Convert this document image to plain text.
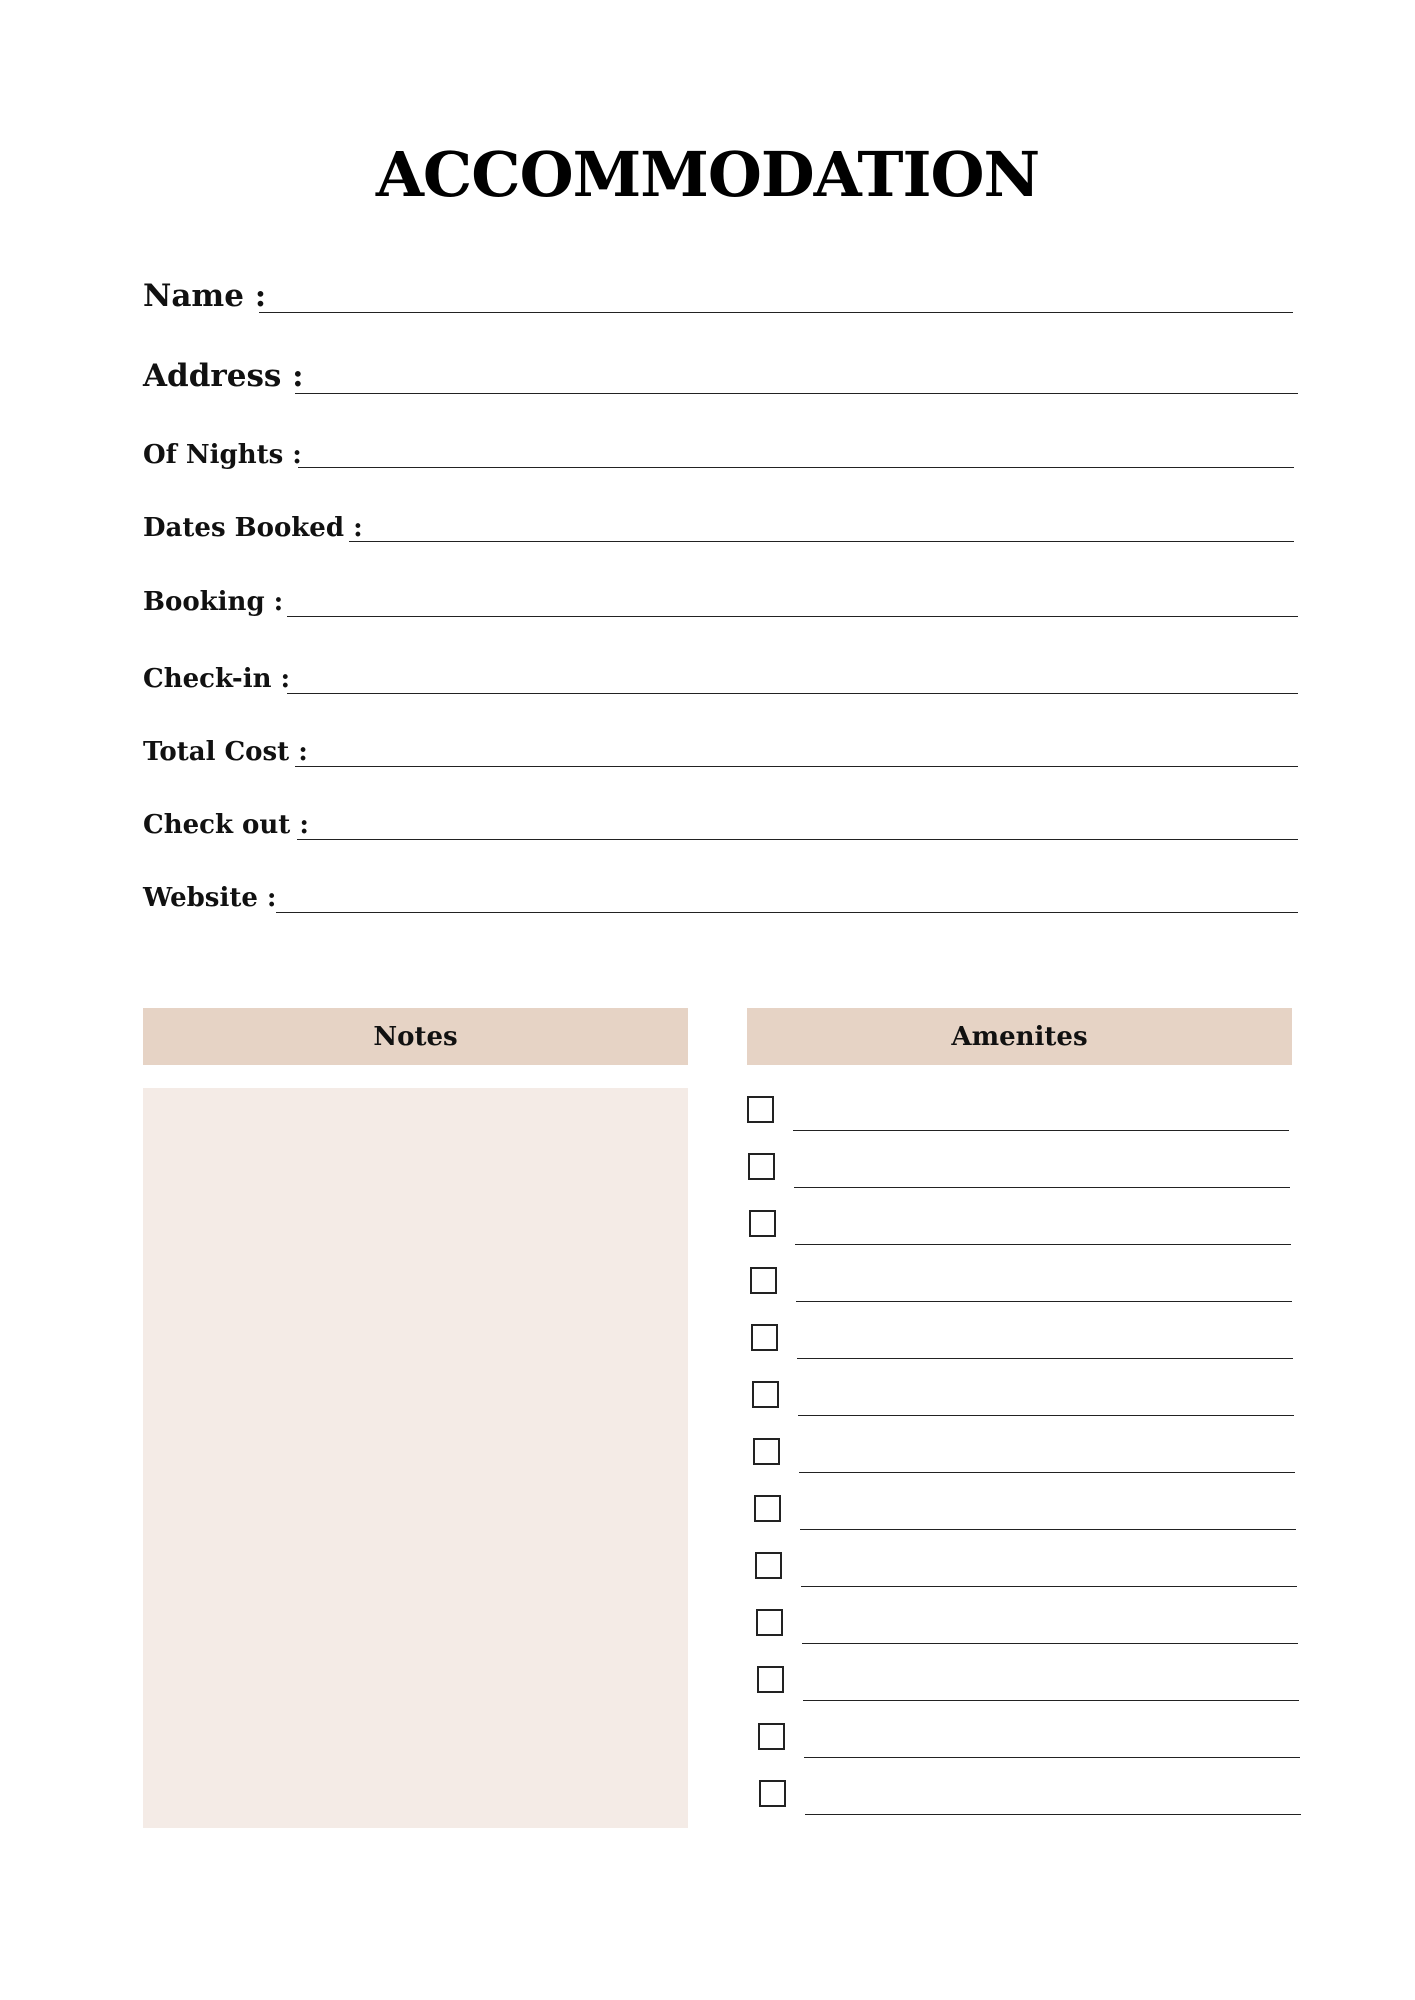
ACCOMMODATION
Name :
Address :
Of Nights :
Dates Booked :
Booking :
Check-in :
Total Cost :
Check out :
Website :
Notes	Amenites
